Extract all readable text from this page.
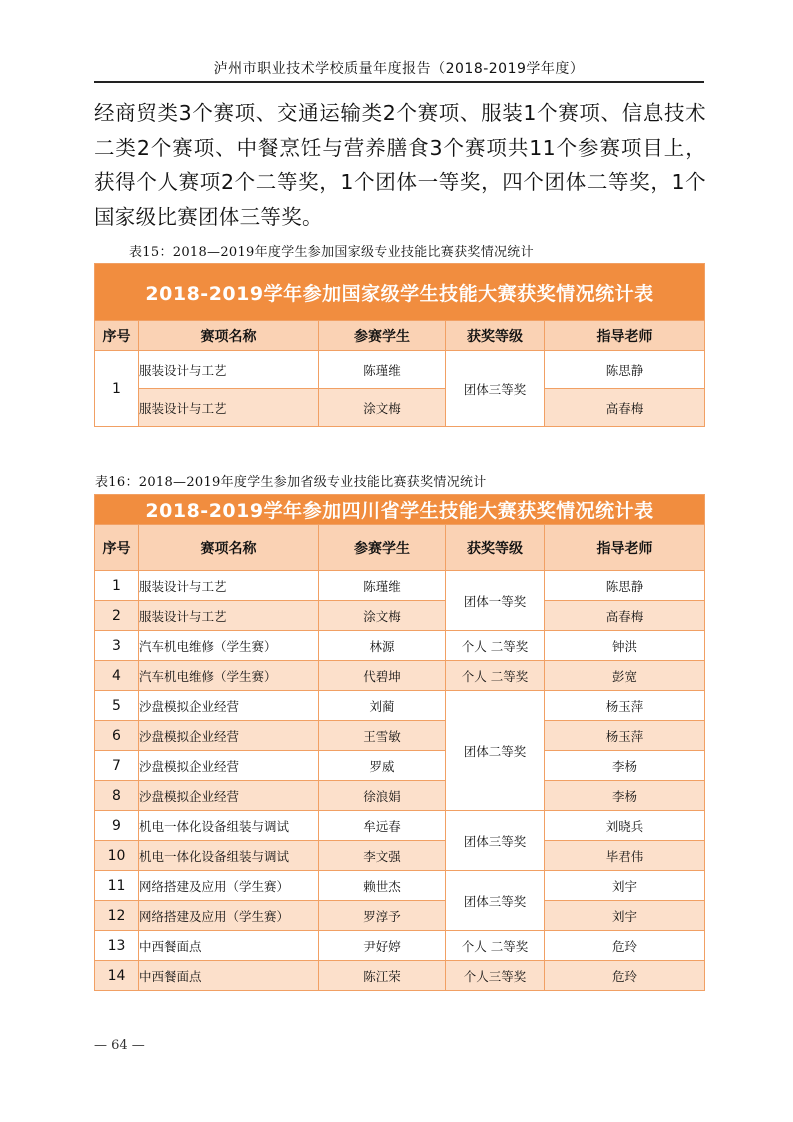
泸州市职业技术学校质量年度报告（2018-2019学年度）

经商贸类3个赛项、交通运输类2个赛项、服装1个赛项、信息技术二类2个赛项、中餐烹饪与营养膳食3个赛项共11个参赛项目上，获得个人赛项2个二等奖，1个团体一等奖，四个团体二等奖，1个国家级比赛团体三等奖。

表15：2018—2019年度学生参加国家级专业技能比赛获奖情况统计
2018-2019学年参加国家级学生技能大赛获奖情况统计表				
序号	赛项名称	参赛学生	获奖等级	指导老师
1	服装设计与工艺	陈瑾维	团体三等奖	陈思静
	服装设计与工艺	涂文梅		高春梅
表16：2018—2019年度学生参加省级专业技能比赛获奖情况统计
2018-2019学年参加四川省学生技能大赛获奖情况统计表				
序号	赛项名称	参赛学生	获奖等级	指导老师
1	服装设计与工艺	陈瑾维	团体一等奖	陈思静
2	服装设计与工艺	涂文梅		高春梅
3	汽车机电维修（学生赛）	林源	个人 二等奖	钟洪
4	汽车机电维修（学生赛）	代碧坤	个人 二等奖	彭宽
5	沙盘模拟企业经营	刘蔺	团体二等奖	杨玉萍
6	沙盘模拟企业经营	王雪敏		杨玉萍
7	沙盘模拟企业经营	罗威		李杨
8	沙盘模拟企业经营	徐浪娟		李杨
9	机电一体化设备组装与调试	牟远春	团体三等奖	刘晓兵
10	机电一体化设备组装与调试	李文强		毕君伟
11	网络搭建及应用（学生赛）	赖世杰	团体三等奖	刘宇
12	网络搭建及应用（学生赛）	罗淳予		刘宇
13	中西餐面点	尹好婷	个人 二等奖	危玲
14	中西餐面点	陈江荣	个人三等奖	危玲
— 64 —
